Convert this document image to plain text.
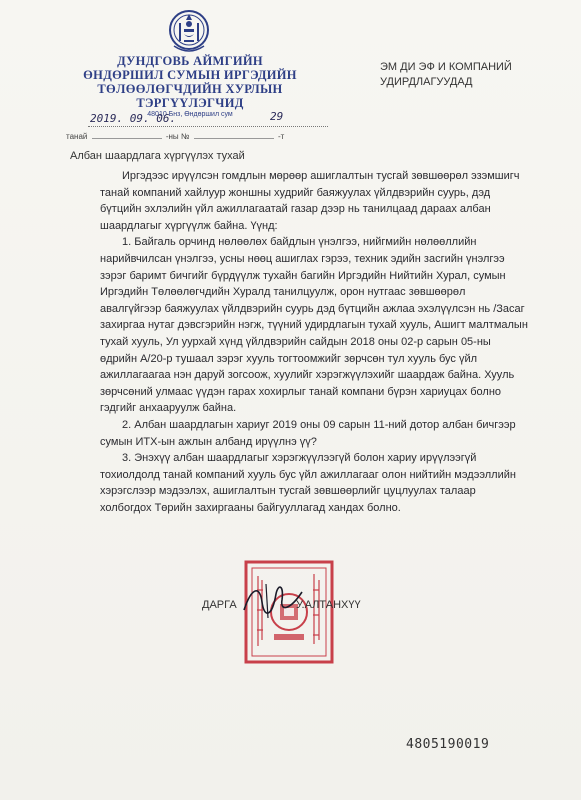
ДУНДГОВЬ АЙМГИЙН
ӨНДӨРШИЛ СУМЫН ИРГЭДИЙН
ТӨЛӨӨЛӨГЧДИЙН ХУРЛЫН
ТЭРГҮҮЛЭГЧИД
48010 Бнз, Өндөршил сум
ЭМ ДИ ЭФ И КОМПАНИЙ
УДИРДЛАГУУДАД
2019. 09. 06.	29
танай	-ны №	-т
Албан шаардлага хүргүүлэх тухай

Иргэдээс ирүүлсэн гомдлын мөрөөр ашиглалтын тусгай зөвшөөрөл эзэмшигч танай компаний хайлуур жоншны худрийг баяжуулах үйлдвэрийн суурь, дэд бүтцийн эхлэлийн үйл ажиллагаатай газар дээр нь танилцаад дараах албан шаардлагыг хүргүүлж байна. Үүнд:

1. Байгаль орчинд нөлөөлөх байдлын үнэлгээ, нийгмийн нөлөөллийн нарийвчилсан үнэлгээ, усны нөөц ашиглах гэрээ, техник эдийн засгийн үнэлгээ зэрэг баримт бичгийг бүрдүүлж тухайн багийн Иргэдийн Нийтийн Хурал, сумын Иргэдийн Төлөөлөгчдийн Хуралд танилцуулж, орон нутгаас зөвшөөрөл авалгүйгээр баяжуулах үйлдвэрийн суурь дэд бүтцийн ажлаа эхэлүүлсэн нь /Засаг захиргаа нутаг дэвсгэрийн нэгж, түүний удирдлагын тухай хууль, Ашигт малтмалын тухай хууль, Ул уурхай хүнд үйлдвэрийн сайдын 2018 оны 02-р сарын 05-ны өдрийн А/20-р тушаал зэрэг хууль тогтоомжийг зөрчсөн тул хууль бус үйл ажиллагаагаа нэн даруй зогсоож, хуулийг хэрэгжүүлэхийг шаардаж байна. Хууль зөрчсөний улмаас үүдэн гарах хохирлыг танай компани бүрэн хариуцах болно гэдгийг анхааруулж байна.

2. Албан шаардлагын хариуг 2019 оны 09 сарын 11-ний дотор албан бичгээр сумын ИТХ-ын ажлын албанд ирүүлнэ үү?

3. Энэхүү албан шаардлагыг хэрэгжүүлээгүй болон хариу ирүүлээгүй тохиолдолд танай компаний хууль бус үйл ажиллагааг олон нийтийн мэдээллийн хэрэгслээр мэдээлэх, ашиглалтын тусгай зөвшөөрлийг цуцлуулах талаар холбогдох Төрийн захиргааны байгууллагад хандах болно.

ДАРГА	У.АЛТАНХҮҮ
4805190019
